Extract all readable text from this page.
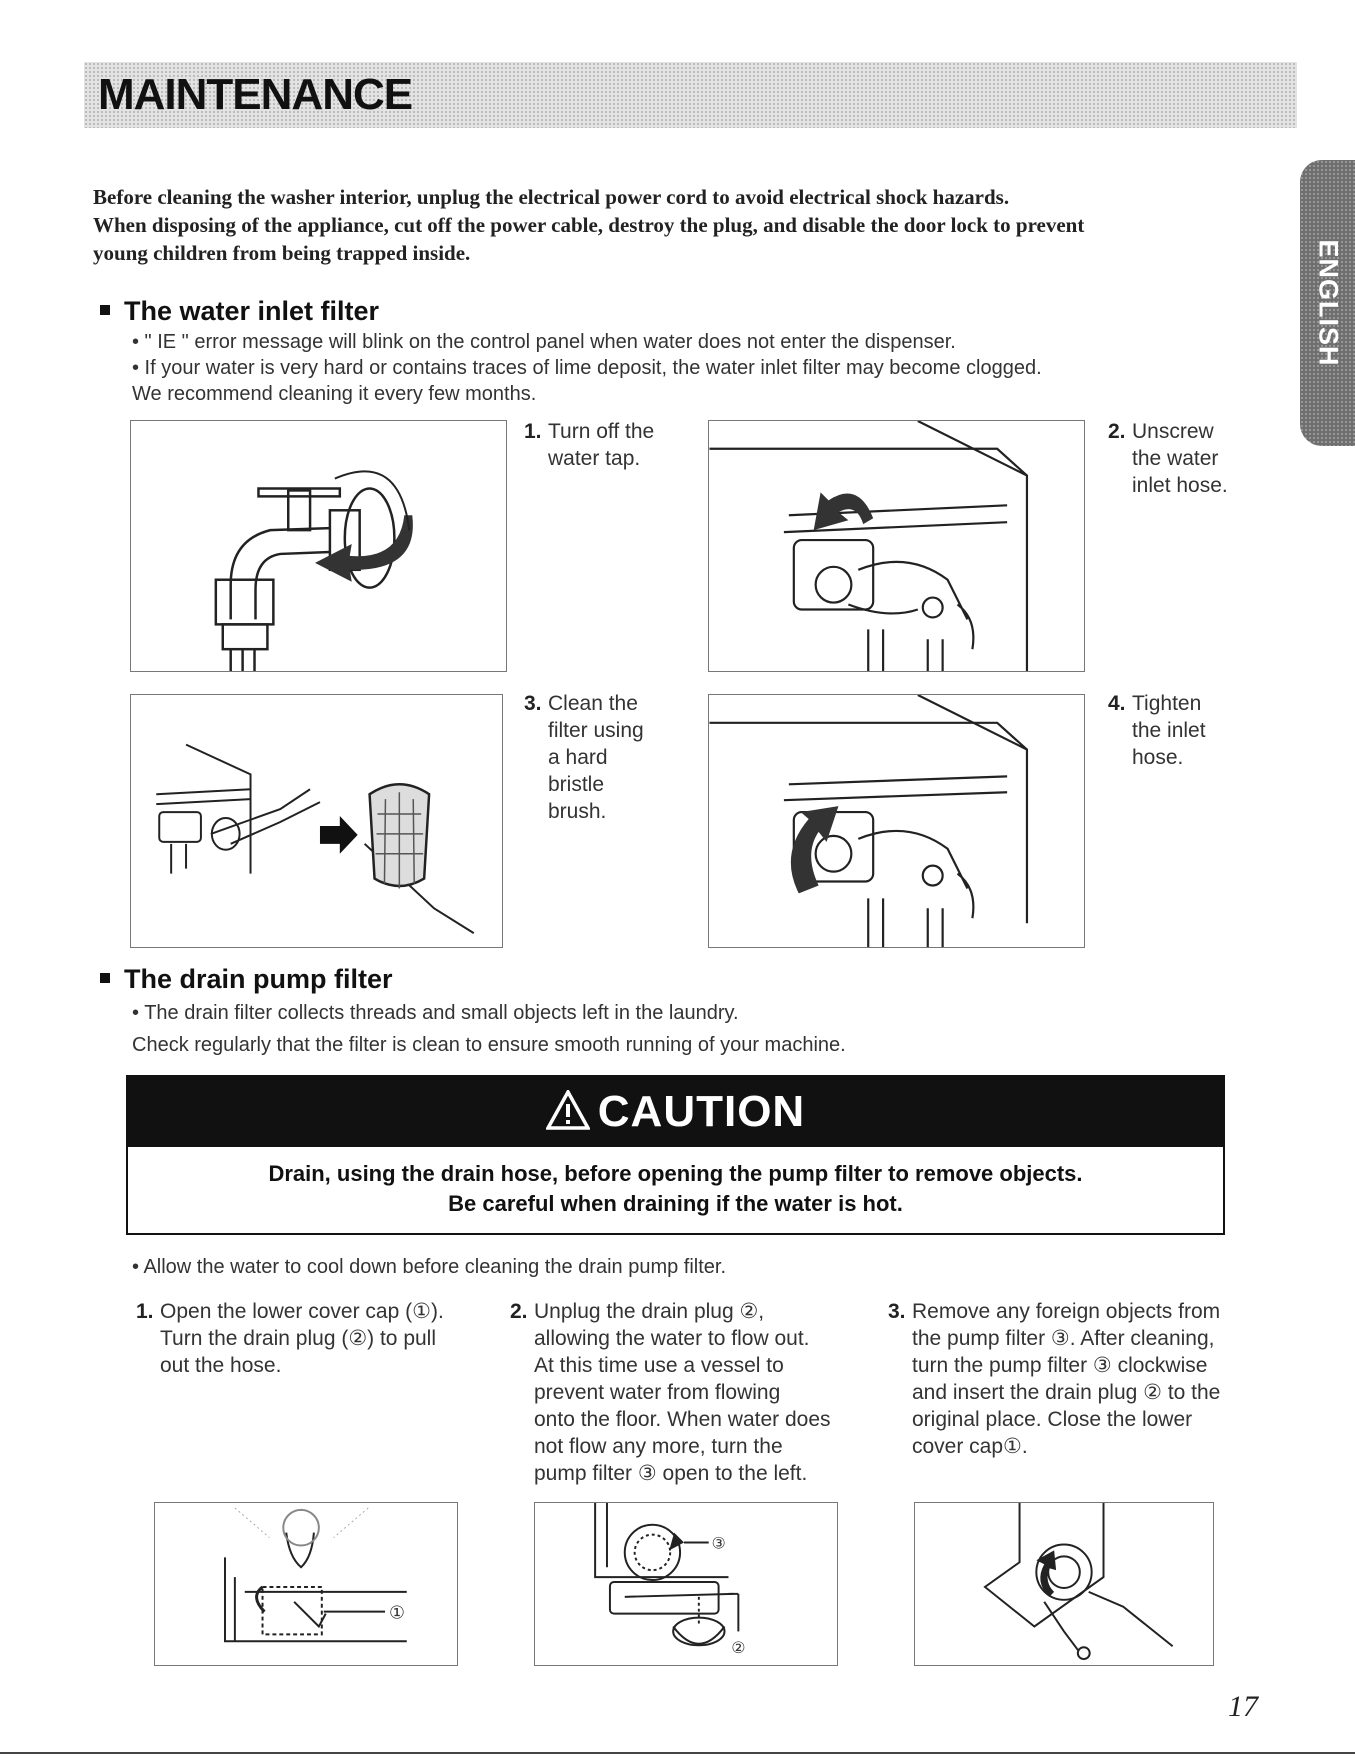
MAINTENANCE
ENGLISH
Before cleaning the washer interior, unplug the electrical power cord to avoid electrical shock hazards.
When disposing of the appliance, cut off the power cable, destroy the plug, and disable the door lock to prevent
young children from being trapped inside.
The water inlet filter
• " IE " error message will blink on the control panel when water does not enter the dispenser.
• If your water is very hard or contains traces of lime deposit, the water inlet filter may become clogged.
We recommend cleaning it every few months.
1. Turn off the
water tap.
2. Unscrew
the water
inlet hose.
3. Clean the
filter using
a hard
bristle
brush.
4. Tighten
the inlet
hose.
The drain pump filter
• The drain filter collects threads and small objects left in the laundry.
Check regularly that the filter is clean to ensure smooth running of your machine.
CAUTION
Drain, using the drain hose, before opening the pump filter to remove objects.
Be careful when draining if the water is hot.
• Allow the water to cool down before cleaning the drain pump filter.
1. Open the lower cover cap (①).
Turn the drain plug (②) to pull
out the hose.
2. Unplug the drain plug ②,
allowing the water to flow out.
At this time use a vessel to
prevent water from flowing
onto the floor. When water does
not flow any more, turn the
pump filter ③ open to the left.
3. Remove any foreign objects from
the pump filter ③. After cleaning,
turn the pump filter ③ clockwise
and insert the drain plug ② to the
original place. Close the lower
cover cap①.
①
③
②
17
